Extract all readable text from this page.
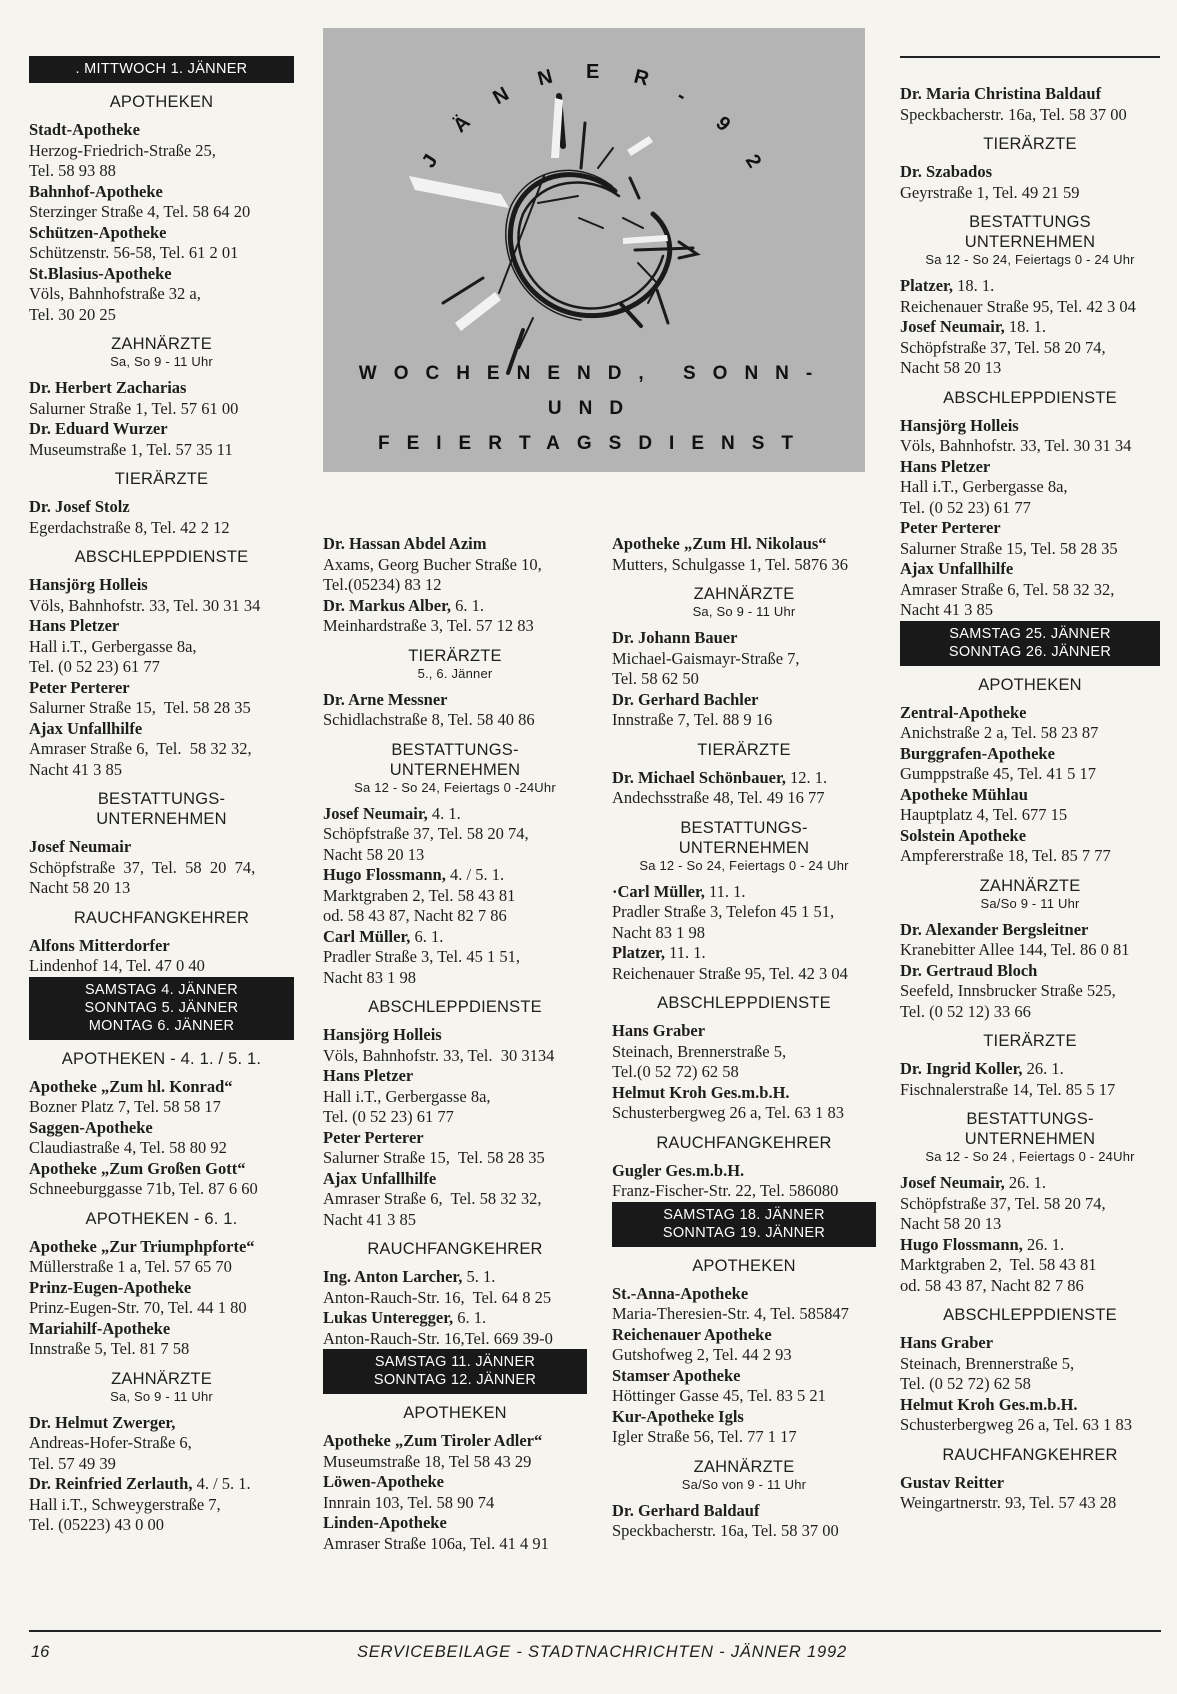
. MITTWOCH 1. JÄNNER
APOTHEKEN
Stadt-Apotheke
Herzog-Friedrich-Straße 25,
Tel. 58 93 88
Bahnhof-Apotheke
Sterzinger Straße 4, Tel. 58 64 20
Schützen-Apotheke
Schützenstr. 56-58, Tel. 61 2 01
St.Blasius-Apotheke
Völs, Bahnhofstraße 32 a,
Tel. 30 20 25
ZAHNÄRZTE
Sa, So 9 - 11 Uhr
Dr. Herbert Zacharias
Salurner Straße 1, Tel. 57 61 00
Dr. Eduard Wurzer
Museumstraße 1, Tel. 57 35 11
TIERÄRZTE
Dr. Josef Stolz
Egerdachstraße 8, Tel. 42 2 12
ABSCHLEPPDIENSTE
Hansjörg Holleis
Völs, Bahnhofstr. 33, Tel. 30 31 34
Hans Pletzer
Hall i.T., Gerbergasse 8a,
Tel. (0 52 23) 61 77
Peter Perterer
Salurner Straße 15,  Tel. 58 28 35
Ajax Unfallhilfe
Amraser Straße 6,  Tel.  58 32 32,
Nacht 41 3 85
BESTATTUNGS-
UNTERNEHMEN
Josef Neumair
Schöpfstraße  37,  Tel.  58  20  74,
Nacht 58 20 13
RAUCHFANGKEHRER
Alfons Mitterdorfer
Lindenhof 14, Tel. 47 0 40
SAMSTAG 4. JÄNNER
SONNTAG 5. JÄNNER
MONTAG 6. JÄNNER
APOTHEKEN - 4. 1. / 5. 1.
Apotheke „Zum hl. Konrad“
Bozner Platz 7, Tel. 58 58 17
Saggen-Apotheke
Claudiastraße 4, Tel. 58 80 92
Apotheke „Zum Großen Gott“
Schneeburggasse 71b, Tel. 87 6 60
APOTHEKEN - 6. 1.
Apotheke „Zur Triumphpforte“
Müllerstraße 1 a, Tel. 57 65 70
Prinz-Eugen-Apotheke
Prinz-Eugen-Str. 70, Tel. 44 1 80
Mariahilf-Apotheke
Innstraße 5, Tel. 81 7 58
ZAHNÄRZTE
Sa, So 9 - 11 Uhr
Dr. Helmut Zwerger,
Andreas-Hofer-Straße 6,
Tel. 57 49 39
Dr. Reinfried Zerlauth, 4. / 5. 1.
Hall i.T., Schweygerstraße 7,
Tel. (05223) 43 0 00
J
Ä
N
N E R
-
9
2
WOCHENEND, SONN-
UND
FEIERTAGSDIENST
Dr. Hassan Abdel Azim
Axams, Georg Bucher Straße 10,
Tel.(05234) 83 12
Dr. Markus Alber, 6. 1.
Meinhardstraße 3, Tel. 57 12 83
TIERÄRZTE
5., 6. Jänner
Dr. Arne Messner
Schidlachstraße 8, Tel. 58 40 86
BESTATTUNGS-
UNTERNEHMEN
Sa 12 - So 24, Feiertags 0 -24Uhr
Josef Neumair, 4. 1.
Schöpfstraße 37, Tel. 58 20 74,
Nacht 58 20 13
Hugo Flossmann, 4. / 5. 1.
Marktgraben 2, Tel. 58 43 81
od. 58 43 87, Nacht 82 7 86
Carl Müller, 6. 1.
Pradler Straße 3, Tel. 45 1 51,
Nacht 83 1 98
ABSCHLEPPDIENSTE
Hansjörg Holleis
Völs, Bahnhofstr. 33, Tel.  30 3134
Hans Pletzer
Hall i.T., Gerbergasse 8a,
Tel. (0 52 23) 61 77
Peter Perterer
Salurner Straße 15,  Tel. 58 28 35
Ajax Unfallhilfe
Amraser Straße 6,  Tel. 58 32 32,
Nacht 41 3 85
RAUCHFANGKEHRER
Ing. Anton Larcher, 5. 1.
Anton-Rauch-Str. 16,  Tel. 64 8 25
Lukas Unteregger, 6. 1.
Anton-Rauch-Str. 16,Tel. 669 39-0
SAMSTAG 11. JÄNNER
SONNTAG 12. JÄNNER
APOTHEKEN
Apotheke „Zum Tiroler Adler“
Museumstraße 18, Tel 58 43 29
Löwen-Apotheke
Innrain 103, Tel. 58 90 74
Linden-Apotheke
Amraser Straße 106a, Tel. 41 4 91
Apotheke „Zum Hl. Nikolaus“
Mutters, Schulgasse 1, Tel. 5876 36
ZAHNÄRZTE
Sa, So 9 - 11 Uhr
Dr. Johann Bauer
Michael-Gaismayr-Straße 7,
Tel. 58 62 50
Dr. Gerhard Bachler
Innstraße 7, Tel. 88 9 16
TIERÄRZTE
Dr. Michael Schönbauer, 12. 1.
Andechsstraße 48, Tel. 49 16 77
BESTATTUNGS-
UNTERNEHMEN
Sa 12 - So 24, Feiertags 0 - 24 Uhr
·Carl Müller, 11. 1.
Pradler Straße 3, Telefon 45 1 51,
Nacht 83 1 98
Platzer, 11. 1.
Reichenauer Straße 95, Tel. 42 3 04
ABSCHLEPPDIENSTE
Hans Graber
Steinach, Brennerstraße 5,
Tel.(0 52 72) 62 58
Helmut Kroh Ges.m.b.H.
Schusterbergweg 26 a, Tel. 63 1 83
RAUCHFANGKEHRER
Gugler Ges.m.b.H.
Franz-Fischer-Str. 22, Tel. 586080
SAMSTAG 18. JÄNNER
SONNTAG 19. JÄNNER
APOTHEKEN
St.-Anna-Apotheke
Maria-Theresien-Str. 4, Tel. 585847
Reichenauer Apotheke
Gutshofweg 2, Tel. 44 2 93
Stamser Apotheke
Höttinger Gasse 45, Tel. 83 5 21
Kur-Apotheke Igls
Igler Straße 56, Tel. 77 1 17
ZAHNÄRZTE
Sa/So von 9 - 11 Uhr
Dr. Gerhard Baldauf
Speckbacherstr. 16a, Tel. 58 37 00
Dr. Maria Christina Baldauf
Speckbacherstr. 16a, Tel. 58 37 00
TIERÄRZTE
Dr. Szabados
Geyrstraße 1, Tel. 49 21 59
BESTATTUNGS
UNTERNEHMEN
Sa 12 - So 24, Feiertags 0 - 24 Uhr
Platzer, 18. 1.
Reichenauer Straße 95, Tel. 42 3 04
Josef Neumair, 18. 1.
Schöpfstraße 37, Tel. 58 20 74,
Nacht 58 20 13
ABSCHLEPPDIENSTE
Hansjörg Holleis
Völs, Bahnhofstr. 33, Tel. 30 31 34
Hans Pletzer
Hall i.T., Gerbergasse 8a,
Tel. (0 52 23) 61 77
Peter Perterer
Salurner Straße 15, Tel. 58 28 35
Ajax Unfallhilfe
Amraser Straße 6, Tel. 58 32 32,
Nacht 41 3 85
SAMSTAG 25. JÄNNER
SONNTAG 26. JÄNNER
APOTHEKEN
Zentral-Apotheke
Anichstraße 2 a, Tel. 58 23 87
Burggrafen-Apotheke
Gumppstraße 45, Tel. 41 5 17
Apotheke Mühlau
Hauptplatz 4, Tel. 677 15
Solstein Apotheke
Ampfererstraße 18, Tel. 85 7 77
ZAHNÄRZTE
Sa/So 9 - 11 Uhr
Dr. Alexander Bergsleitner
Kranebitter Allee 144, Tel. 86 0 81
Dr. Gertraud Bloch
Seefeld, Innsbrucker Straße 525,
Tel. (0 52 12) 33 66
TIERÄRZTE
Dr. Ingrid Koller, 26. 1.
Fischnalerstraße 14, Tel. 85 5 17
BESTATTUNGS-
UNTERNEHMEN
Sa 12 - So 24 , Feiertags 0 - 24Uhr
Josef Neumair, 26. 1.
Schöpfstraße 37, Tel. 58 20 74,
Nacht 58 20 13
Hugo Flossmann, 26. 1.
Marktgraben 2,  Tel. 58 43 81
od. 58 43 87, Nacht 82 7 86
ABSCHLEPPDIENSTE
Hans Graber
Steinach, Brennerstraße 5,
Tel. (0 52 72) 62 58
Helmut Kroh Ges.m.b.H.
Schusterbergweg 26 a, Tel. 63 1 83
RAUCHFANGKEHRER
Gustav Reitter
Weingartnerstr. 93, Tel. 57 43 28
16	SERVICEBEILAGE - STADTNACHRICHTEN - JÄNNER 1992
